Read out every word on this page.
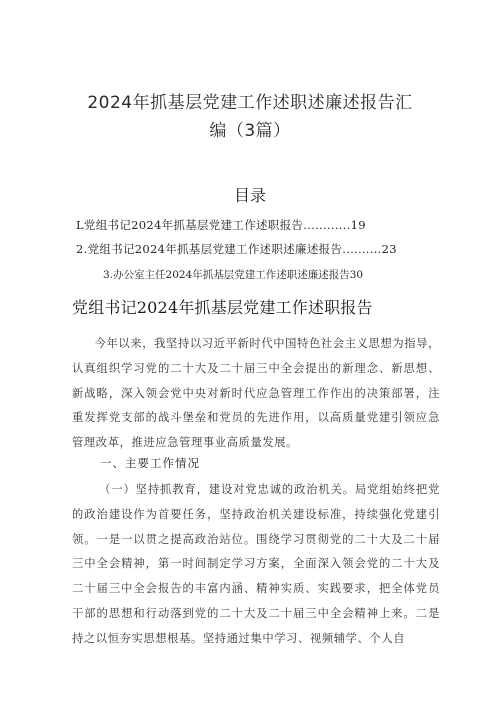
2024年抓基层党建工作述职述廉述报告汇
编（3篇）
目录
L党组书记2024年抓基层党建工作述职报告............19
2.党组书记2024年抓基层党建工作述职述廉述报告.………23
3.办公室主任2024年抓基层党建工作述职述廉述报告30
党组书记2024年抓基层党建工作述职报告
今年以来，我坚持以习近平新时代中国特色社会主义思想为指导，认真组织学习党的二十大及二十届三中全会提出的新理念、新思想、新战略，深入领会党中央对新时代应急管理工作作出的决策部署，注重发挥党支部的战斗堡垒和党员的先进作用，以高质量党建引领应急管理改革，推进应急管理事业高质量发展。
一、主要工作情况
（一）坚持抓教育，建设对党忠诚的政治机关。局党组始终把党的政治建设作为首要任务，坚持政治机关建设标准，持续强化党建引领。一是一以贯之提高政治站位。围绕学习贯彻党的二十大及二十届三中全会精神，第一时间制定学习方案，全面深入领会党的二十大及二十届三中全会报告的丰富内涵、精神实质、实践要求，把全体党员干部的思想和行动落到党的二十大及二十届三中全会精神上来。二是持之以恒夯实思想根基。坚持通过集中学习、视频辅学、个人自
